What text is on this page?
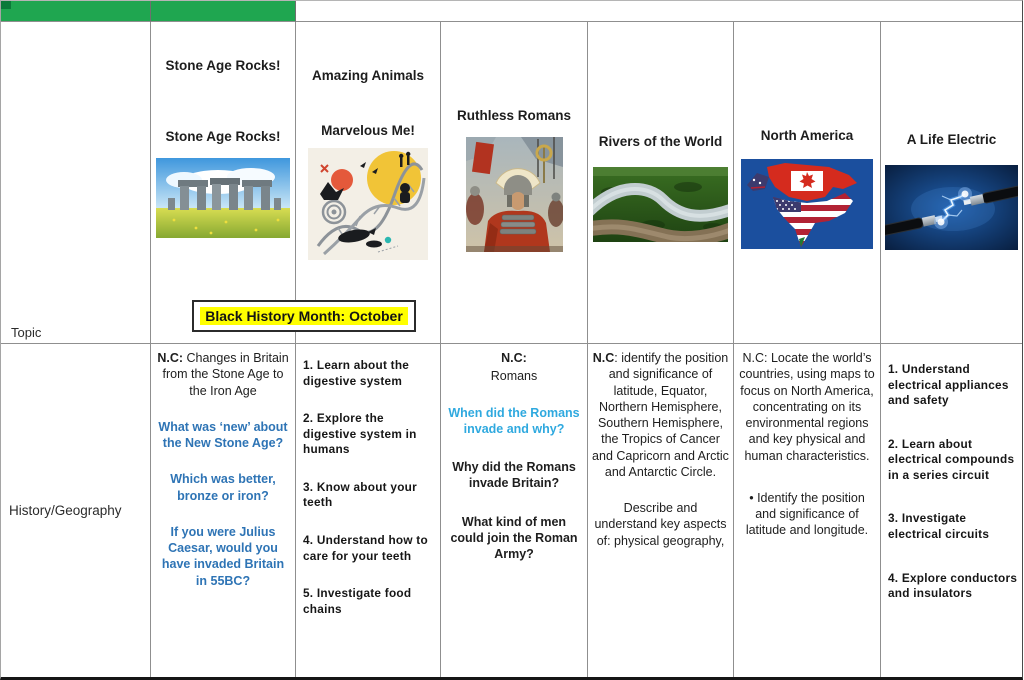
Black History Month: October
Topic
Stone Age Rocks!
Stone Age Rocks!
Amazing Animals
Marvelous Me!
Ruthless Romans
Rivers of the World	North America	A Life Electric
History/Geography
N.C: Changes in Britain from the Stone Age to the Iron Age
What was ‘new’ about the New Stone Age?
Which was better, bronze or iron?
If you were Julius Caesar, would you have invaded Britain in 55BC?
1. Learn about the digestive system
2. Explore the digestive system in humans
3. Know about your teeth
4. Understand how to care for your teeth
5. Investigate food chains
N.C:
Romans
When did the Romans invade and why?
Why did the Romans invade Britain?
What kind of men could join the Roman Army?
N.C: identify the position and significance of latitude, Equator, Northern Hemisphere, Southern Hemisphere, the Tropics of Cancer and Capricorn and Arctic and Antarctic Circle.
Describe and understand key aspects of: physical geography,
N.C: Locate the world’s countries, using maps to focus on North America, concentrating on its environmental regions and key physical and human characteristics.
• Identify the position and significance of latitude and longitude.
1. Understand electrical appliances and safety
2. Learn about electrical compounds in a series circuit
3. Investigate electrical circuits
4. Explore conductors and insulators
